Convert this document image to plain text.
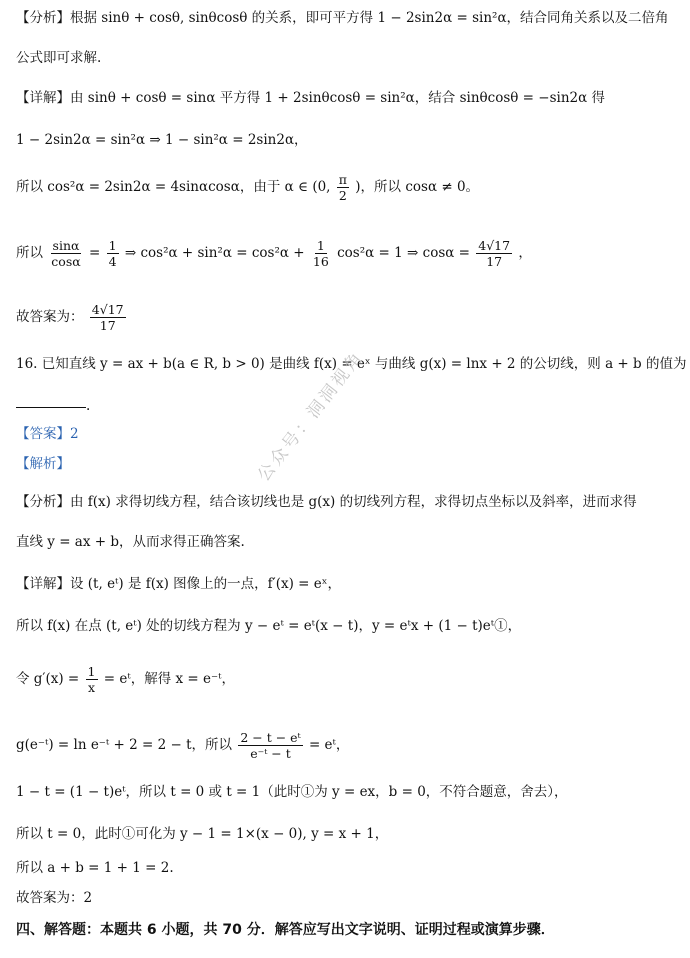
【分析】根据 sinθ + cosθ, sinθcosθ 的关系，即可平方得 1 − 2sin2α = sin²α，结合同角关系以及二倍角
公式即可求解.
【详解】由 sinθ + cosθ = sinα 平方得 1 + 2sinθcosθ = sin²α，结合 sinθcosθ = −sin2α 得
1 − 2sin2α = sin²α ⇒ 1 − sin²α = 2sin2α，
所以 cos²α = 2sin2α = 4sinαcosα，由于 α ∈ (0, $\frac{\pi}{2}$ )，所以 cosα ≠ 0。
所以 $\frac{\sin\alpha}{\cos\alpha} = \frac{1}{4}$ ⇒ $\cos^2\alpha + \sin^2\alpha = \cos^2\alpha + \frac{1}{16} \cos^2\alpha = 1$ ⇒ $\cos\alpha = \frac{4√17}{17}$ ，
故答案为： $\frac{4√17}{17}$
16. 已知直线 y = ax + b(a ∈ R, b > 0) 是曲线 f(x) = eˣ 与曲线 g(x) = lnx + 2 的公切线，则 a + b 的值为
.
【答案】2
【解析】
【分析】由 f(x) 求得切线方程，结合该切线也是 g(x) 的切线列方程，求得切点坐标以及斜率，进而求得
直线 y = ax + b，从而求得正确答案.
【详解】设 (t, eᵗ) 是 f(x) 图像上的一点，f′(x) = eˣ，
所以 f(x) 在点 (t, eᵗ) 处的切线方程为 y − eᵗ = eᵗ(x − t)，y = eᵗx + (1 − t)eᵗ①，
令 $g'(x) = \frac{1}{x}$ = eᵗ，解得 x = e⁻ᵗ，
g(e⁻ᵗ) = ln e⁻ᵗ + 2 = 2 − t，所以 $\frac{\text{2 − t − eᵗ}}{\text{e⁻ᵗ − t}}$ = eᵗ，
1 − t = (1 − t)eᵗ，所以 t = 0 或 t = 1（此时①为 y = ex，b = 0，不符合题意，舍去），
所以 t = 0，此时①可化为 y − 1 = 1×(x − 0), y = x + 1，
所以 a + b = 1 + 1 = 2.
故答案为：2
四、解答题：本题共 6 小题，共 70 分．解答应写出文字说明、证明过程或演算步骤．
公众号：洞洞视角
